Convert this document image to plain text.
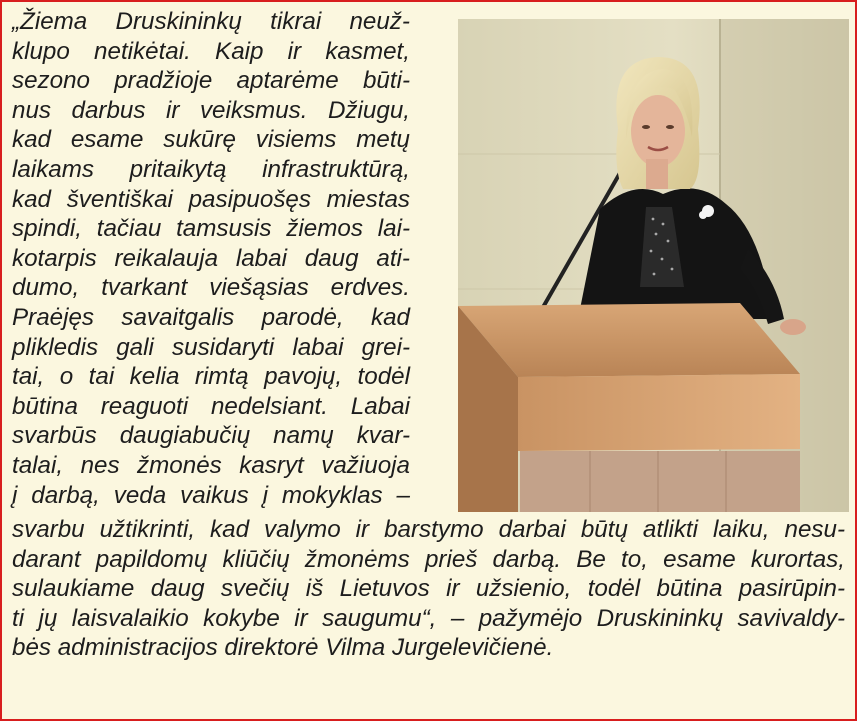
„Žiema Druskininkų tikrai neuž-
klupo netikėtai. Kaip ir kasmet,
sezono pradžioje aptarėme būti-
nus darbus ir veiksmus. Džiugu,
kad esame sukūrę visiems metų
laikams pritaikytą infrastruktūrą,
kad šventiškai pasipuošęs miestas
spindi, tačiau tamsusis žiemos lai-
kotarpis reikalauja labai daug ati-
dumo, tvarkant viešąsias erdves.
Praėjęs savaitgalis parodė, kad
plikledis gali susidaryti labai grei-
tai, o tai kelia rimtą pavojų, todėl
būtina reaguoti nedelsiant. Labai
svarbūs daugiabučių namų kvar-
talai, nes žmonės kasryt važiuoja
į darbą, veda vaikus į mokyklas –
svarbu užtikrinti, kad valymo ir barstymo darbai būtų atlikti laiku, nesu-
darant papildomų kliūčių žmonėms prieš darbą. Be to, esame kurortas,
sulaukiame daug svečių iš Lietuvos ir užsienio, todėl būtina pasirūpin-
ti jų laisvalaikio kokybe ir saugumu“, – pažymėjo Druskininkų savivaldy-
bės administracijos direktorė Vilma Jurgelevičienė.
